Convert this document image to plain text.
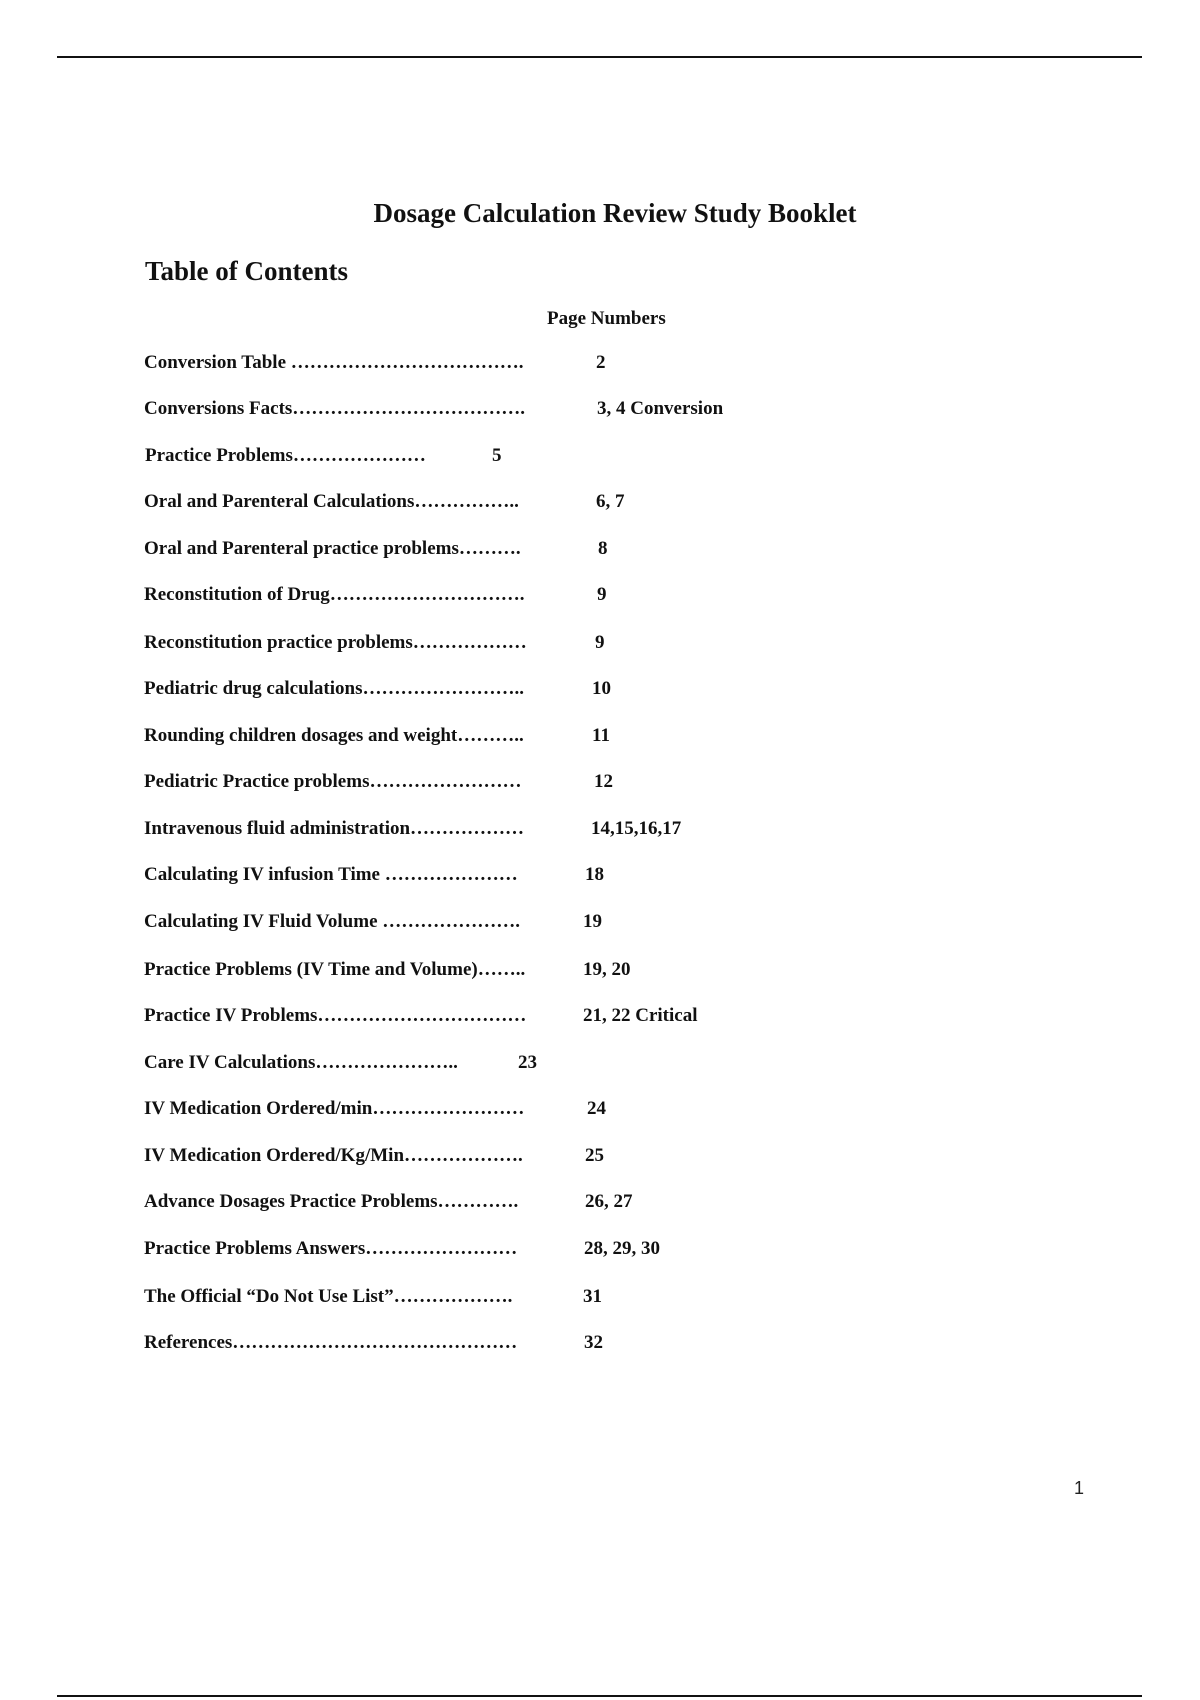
Dosage Calculation Review Study Booklet
Table of Contents
Page Numbers
Conversion Table ……………………………….	2
Conversions Facts……………………………….	3, 4 Conversion
Practice Problems…………………	5
Oral and Parenteral Calculations……………..	6, 7
Oral and Parenteral practice problems……….	8
Reconstitution of Drug………………………….	9
Reconstitution practice problems………………	9
Pediatric drug calculations……………………..	10
Rounding children dosages and weight………..	11
Pediatric Practice problems……………………	12
Intravenous fluid administration………………	14,15,16,17
Calculating IV infusion Time …………………	18
Calculating IV Fluid Volume ………………….	19
Practice Problems (IV Time and Volume)……..	19, 20
Practice IV Problems……………………………	21, 22 Critical
Care IV Calculations…………………..	23
IV Medication Ordered/min……………………	24
IV Medication Ordered/Kg/Min……………….	25
Advance Dosages Practice Problems………….	26, 27
Practice Problems Answers……………………	28, 29, 30
The Official “Do Not Use List”……………….	31
References………………………………………	32
1
